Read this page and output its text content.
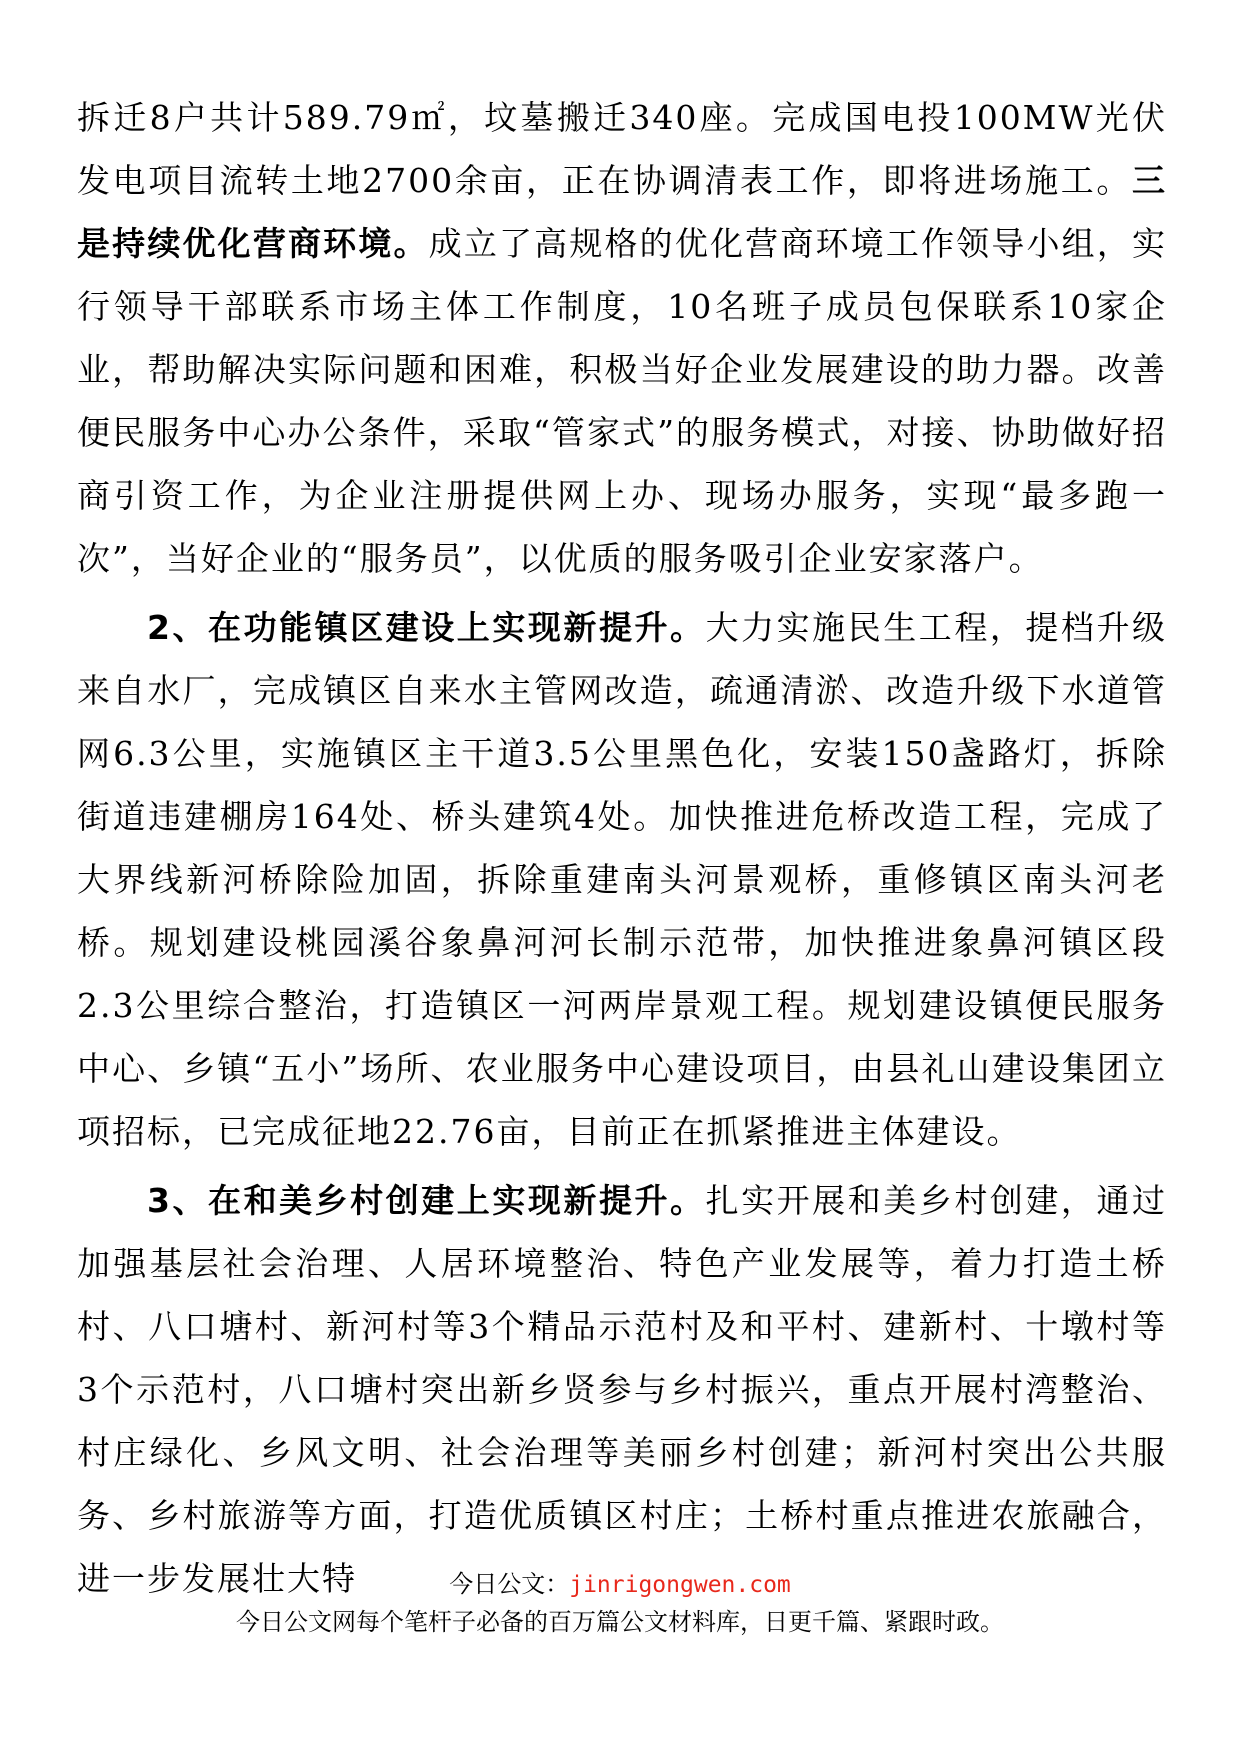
拆迁8户共计589.79㎡，坟墓搬迁340座。完成国电投100MW光伏发电项目流转土地2700余亩，正在协调清表工作，即将进场施工。三是持续优化营商环境。成立了高规格的优化营商环境工作领导小组，实行领导干部联系市场主体工作制度，10名班子成员包保联系10家企业，帮助解决实际问题和困难，积极当好企业发展建设的助力器。改善便民服务中心办公条件，采取“管家式”的服务模式，对接、协助做好招商引资工作，为企业注册提供网上办、现场办服务，实现“最多跑一次”，当好企业的“服务员”，以优质的服务吸引企业安家落户。

2、在功能镇区建设上实现新提升。大力实施民生工程，提档升级来自水厂，完成镇区自来水主管网改造，疏通清淤、改造升级下水道管网6.3公里，实施镇区主干道3.5公里黑色化，安装150盏路灯，拆除街道违建棚房164处、桥头建筑4处。加快推进危桥改造工程，完成了大界线新河桥除险加固，拆除重建南头河景观桥，重修镇区南头河老桥。规划建设桃园溪谷象鼻河河长制示范带，加快推进象鼻河镇区段2.3公里综合整治，打造镇区一河两岸景观工程。规划建设镇便民服务中心、乡镇“五小”场所、农业服务中心建设项目，由县礼山建设集团立项招标，已完成征地22.76亩，目前正在抓紧推进主体建设。

3、在和美乡村创建上实现新提升。扎实开展和美乡村创建，通过加强基层社会治理、人居环境整治、特色产业发展等，着力打造土桥村、八口塘村、新河村等3个精品示范村及和平村、建新村、十墩村等3个示范村，八口塘村突出新乡贤参与乡村振兴，重点开展村湾整治、村庄绿化、乡风文明、社会治理等美丽乡村创建；新河村突出公共服务、乡村旅游等方面，打造优质镇区村庄；土桥村重点推进农旅融合，进一步发展壮大特	今日公文：jinrigongwen.com
今日公文网每个笔杆子必备的百万篇公文材料库，日更千篇、紧跟时政。
